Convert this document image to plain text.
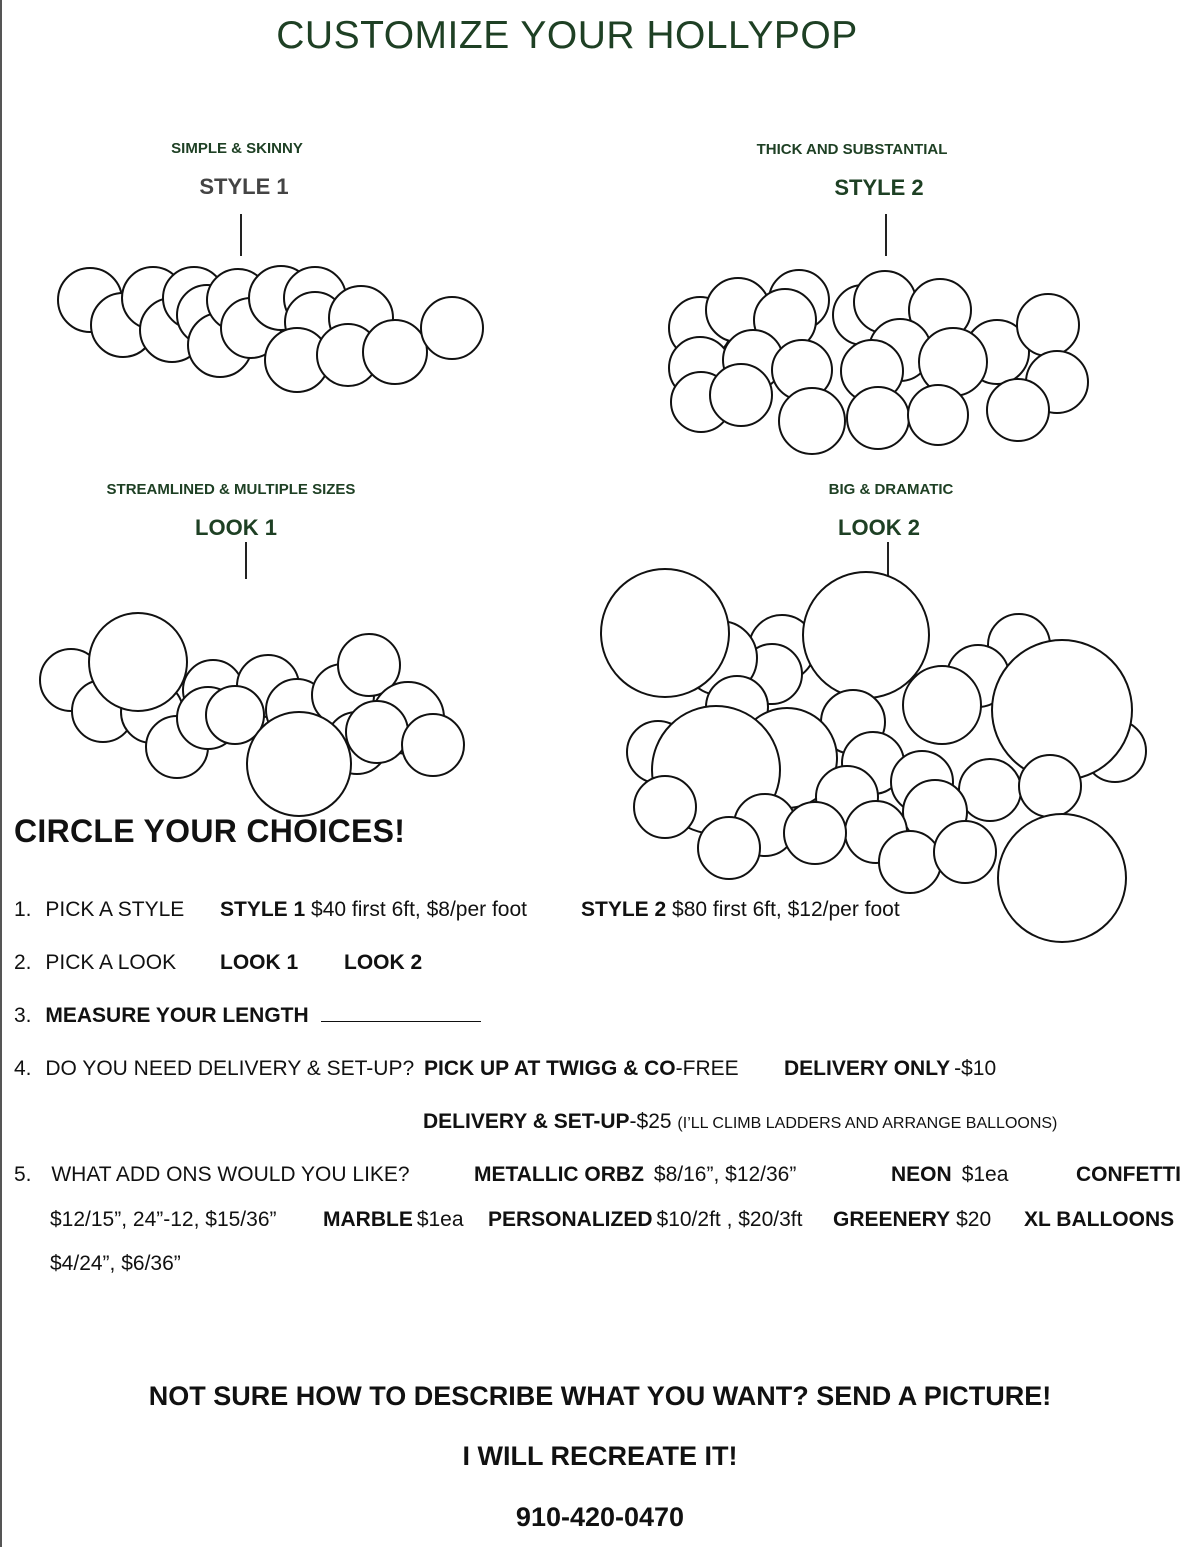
CUSTOMIZE YOUR HOLLYPOP
SIMPLE & SKINNY
STYLE 1
THICK AND SUBSTANTIAL
STYLE 2
STREAMLINED & MULTIPLE SIZES
LOOK 1
BIG & DRAMATIC
LOOK 2
CIRCLE YOUR CHOICES!
1. PICK A STYLE STYLE 1 $40 first 6ft, $8/per foot	STYLE 2 $80 first 6ft, $12/per foot
2. PICK A LOOK LOOK 1 LOOK 2
3. MEASURE YOUR LENGTH
4. DO YOU NEED DELIVERY & SET-UP? PICK UP AT TWIGG & CO-FREE DELIVERY ONLY -$10
DELIVERY & SET-UP-$25 (I’LL CLIMB LADDERS AND ARRANGE BALLOONS)
5. WHAT ADD ONS WOULD YOU LIKE?	METALLIC ORBZ $8/16”, $12/36”	NEON $1ea	CONFETTI
$12/15”, 24”-12, $15/36” MARBLE $1ea PERSONALIZED $10/2ft , $20/3ft GREENERY $20 XL BALLOONS
$4/24”, $6/36”
NOT SURE HOW TO DESCRIBE WHAT YOU WANT? SEND A PICTURE!
I WILL RECREATE IT!
910-420-0470
